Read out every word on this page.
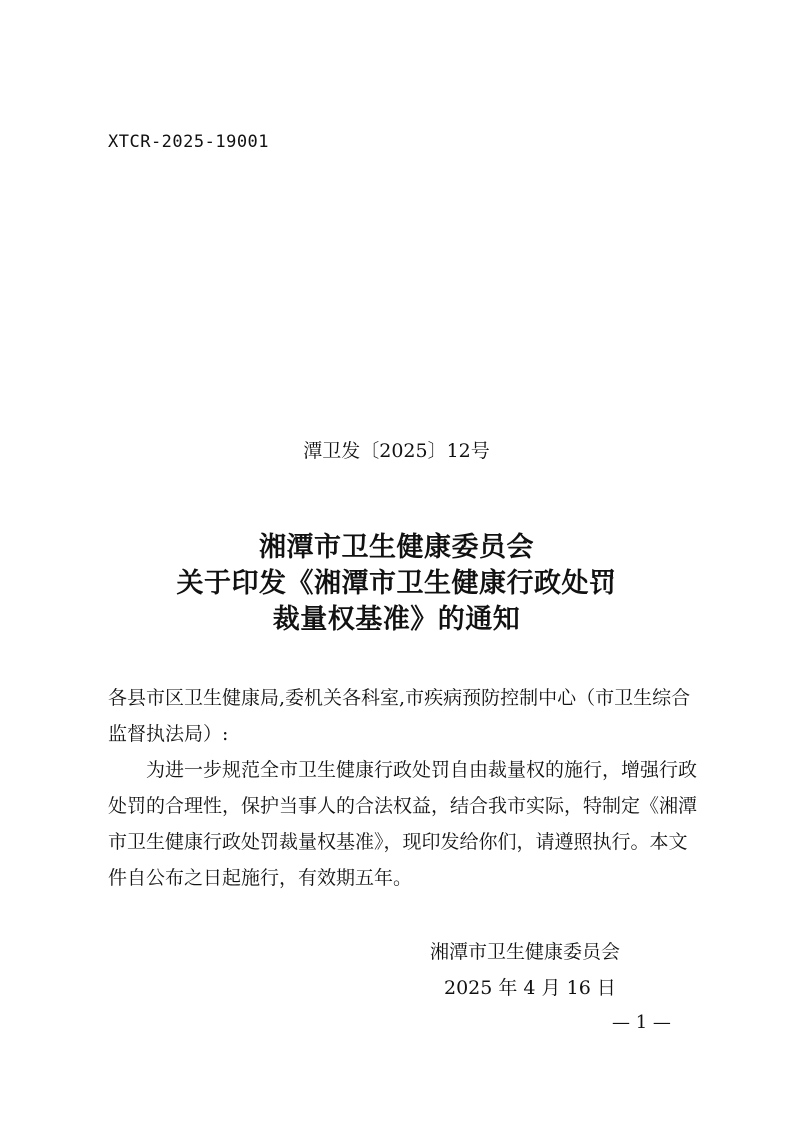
XTCR-2025-19001
潭卫发〔2025〕12号
湘潭市卫生健康委员会
关于印发《湘潭市卫生健康行政处罚
裁量权基准》的通知

各县市区卫生健康局,委机关各科室,市疾病预防控制中心（市卫生综合监督执法局）:

为进一步规范全市卫生健康行政处罚自由裁量权的施行，增强行政处罚的合理性，保护当事人的合法权益，结合我市实际，特制定《湘潭市卫生健康行政处罚裁量权基准》，现印发给你们，请遵照执行。本文件自公布之日起施行，有效期五年。

湘潭市卫生健康委员会
2025 年 4 月 16 日
— 1 —
